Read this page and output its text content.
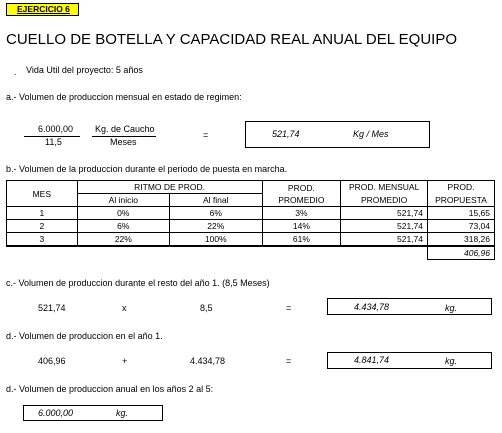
EJERCICIO 6
CUELLO DE BOTELLA Y CAPACIDAD REAL ANUAL DEL EQUIPO
. Vida Util del proyecto: 5 años
a.- Volumen de produccion mensual en estado de regimen:
6.000,00
11,5
Kg. de Caucho
Meses
=	521,74	Kg / Mes
b.- Volumen de la produccion durante el periodo de puesta en marcha.
MES	RITMO DE PROD.		PROD. PROMEDIO	PROD. MENSUAL	PROD.
	Al inicio	Al final		PROMEDIO	PROPUESTA
1	0%	6%	3%	521,74	15,65
2	6%	22%	14%	521,74	73,04
3	22%	100%	61%	521,74	318,26
					406,96
c.- Volumen de produccion durante el resto del año 1. (8,5 Meses)
521,74	x	8,5	=	4.434,78	kg.
d.- Volumen de produccion en el año 1.
406,96	+	4.434,78	=	4.841,74	kg.
d.- Volumen de produccion anual en los años 2 al 5:
6.000,00	kg.
